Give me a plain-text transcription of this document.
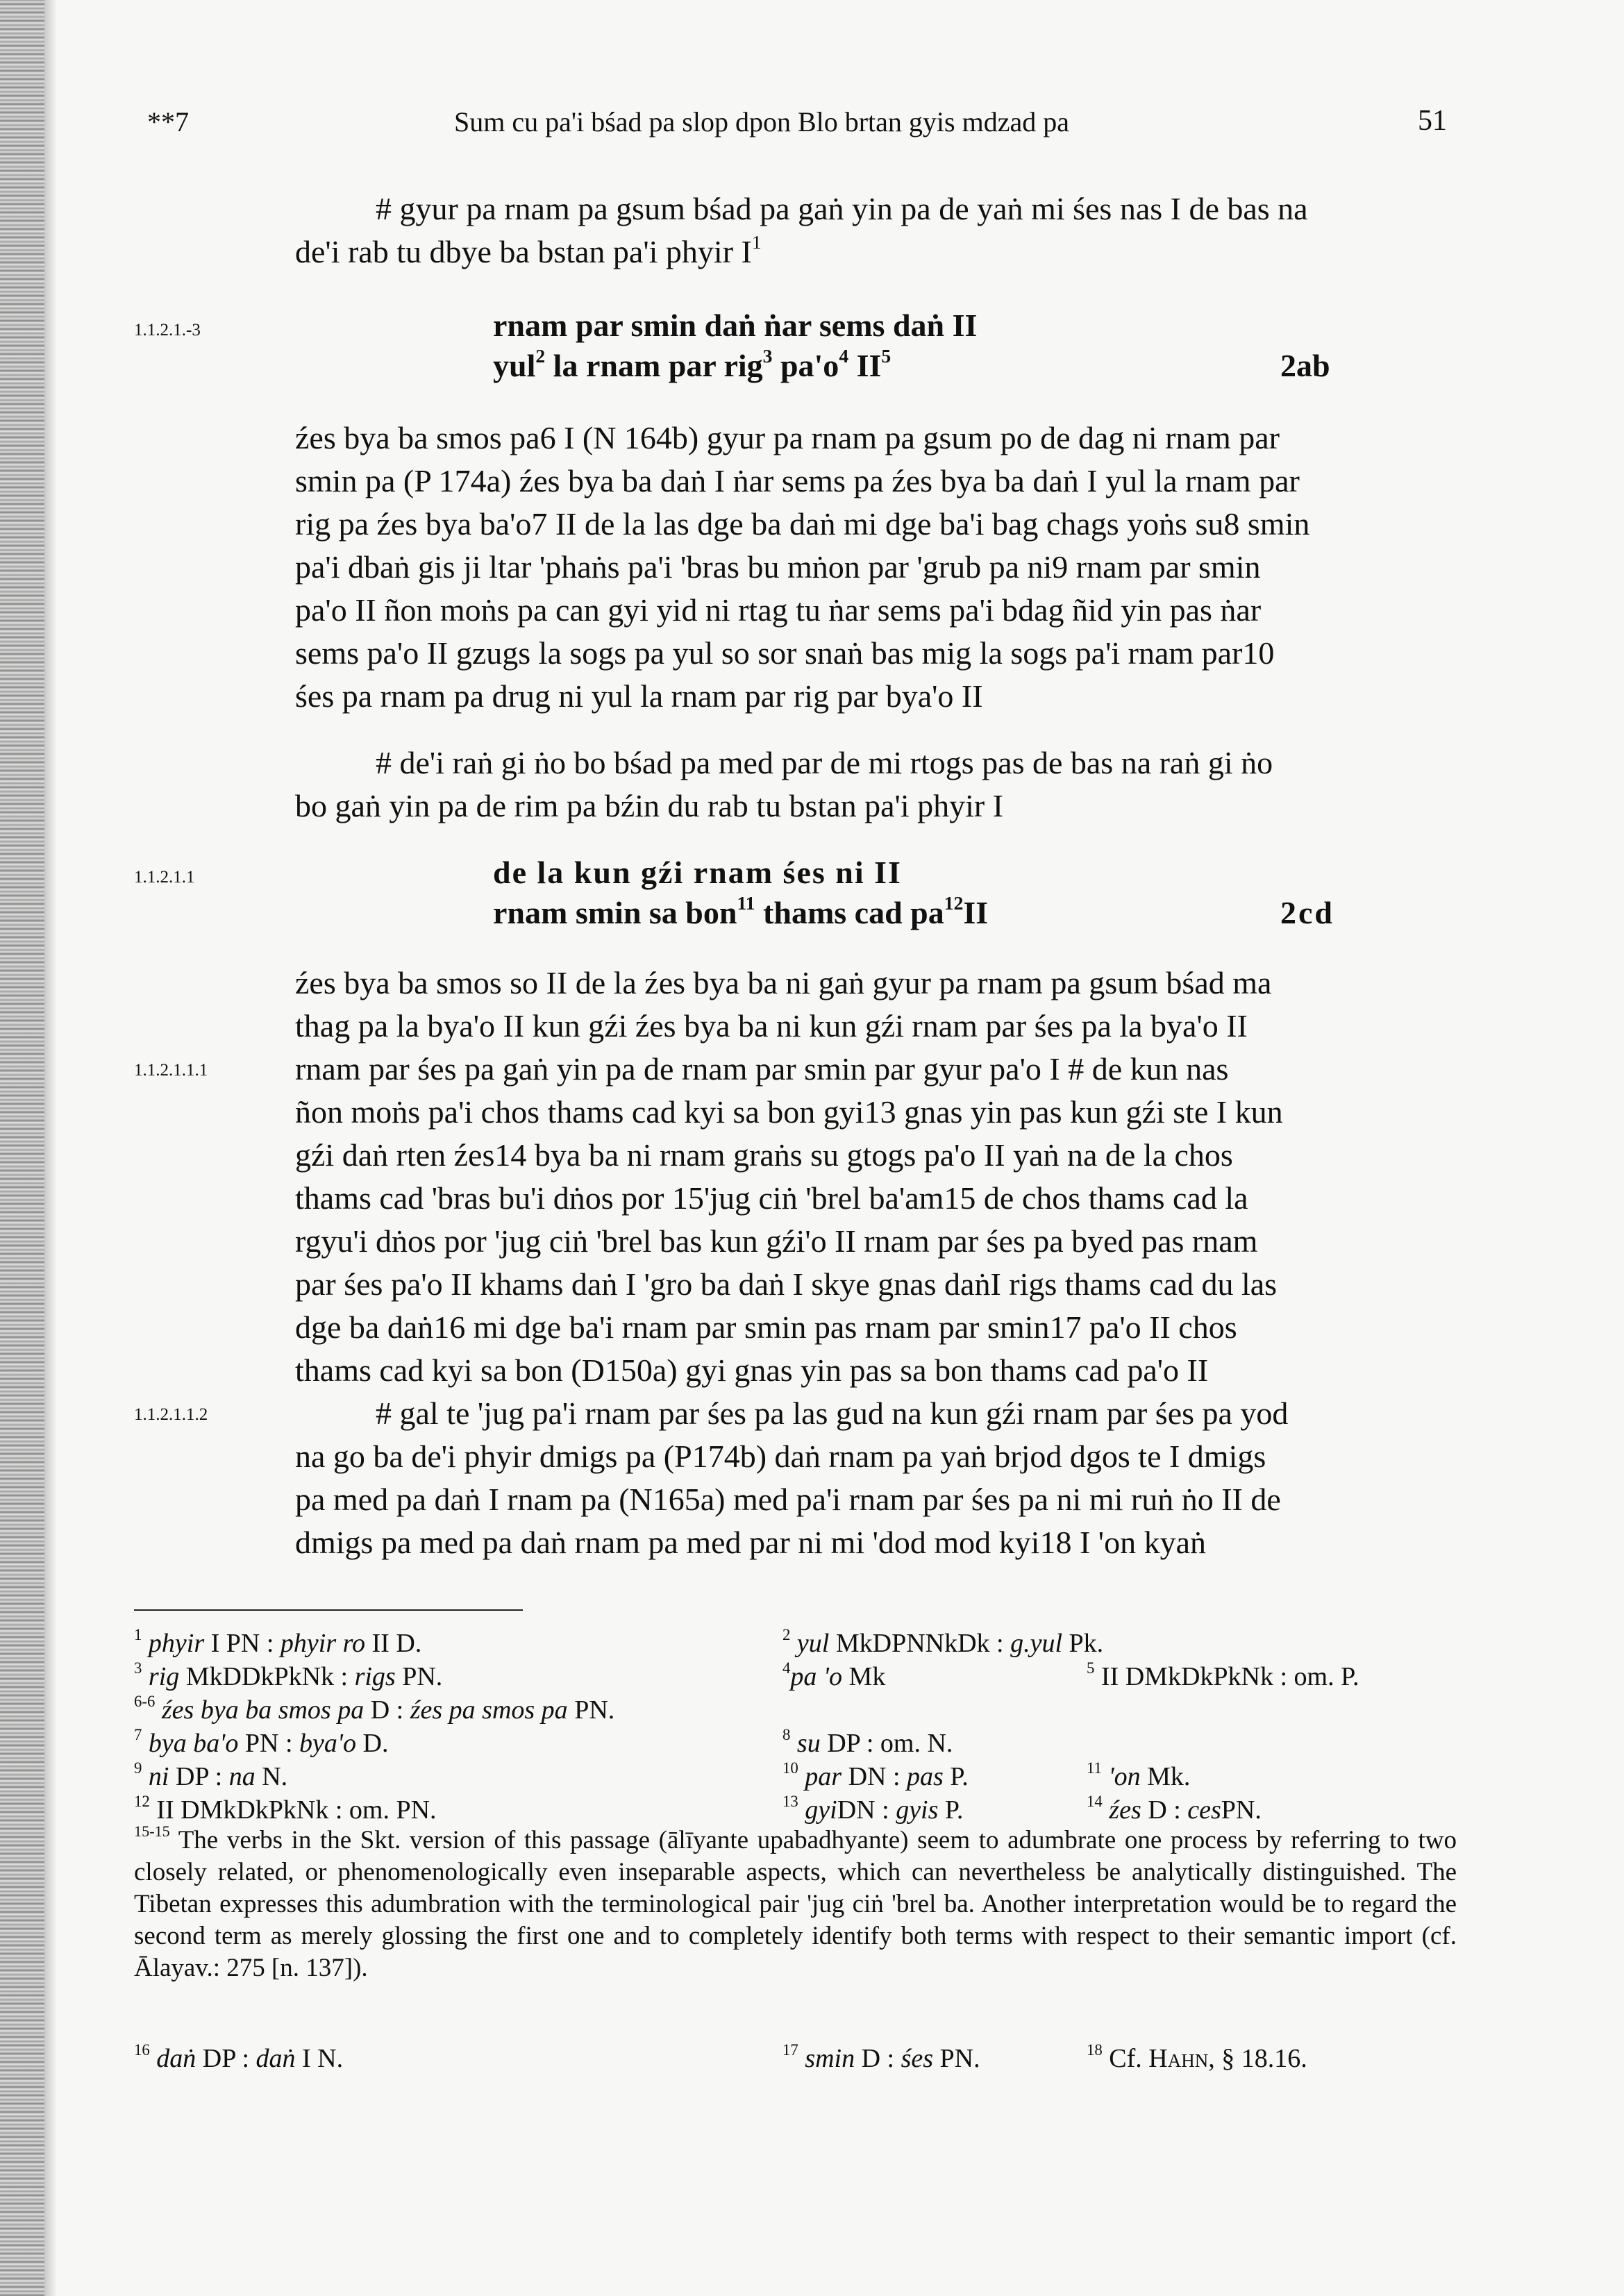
**7	Sum cu pa'i bśad pa slop dpon Blo brtan gyis mdzad pa	51
# gyur pa rnam pa gsum bśad pa gaṅ yin pa de yaṅ mi śes nas I de bas na
de'i rab tu dbye ba bstan pa'i phyir $I^1$
1.1.2.1.-3	rnam par smin daṅ ṅar sems daṅ II
yul$^2$ la rnam par rig$^3$ $pa'o^4$ $II^5$	2ab
źes bya ba smos pa6 I (N 164b) gyur pa rnam pa gsum po de dag ni rnam par
smin pa (P 174a) źes bya ba daṅ I ṅar sems pa źes bya ba daṅ I yul la rnam par
rig pa źes bya ba'o7 II de la las dge ba daṅ mi dge ba'i bag chags yoṅs su8 smin
pa'i dbaṅ gis ji ltar 'phaṅs pa'i 'bras bu mṅon par 'grub pa ni9 rnam par smin
pa'o II ñon moṅs pa can gyi yid ni rtag tu ṅar sems pa'i bdag ñid yin pas ṅar
sems pa'o II gzugs la sogs pa yul so sor snaṅ bas mig la sogs pa'i rnam par10
śes pa rnam pa drug ni yul la rnam par rig par bya'o II
# de'i raṅ gi ṅo bo bśad pa med par de mi rtogs pas de bas na raṅ gi ṅo
bo gaṅ yin pa de rim pa bźin du rab tu bstan pa'i phyir I
1.1.2.1.1	de la kun gźi rnam śes ni II
rnam smin sa bon$^{11}$ thams cad $pa^{12}II$	2cd
źes bya ba smos so II de la źes bya ba ni gaṅ gyur pa rnam pa gsum bśad ma
thag pa la bya'o II kun gźi źes bya ba ni kun gźi rnam par śes pa la bya'o II
1.1.2.1.1.1	rnam par śes pa gaṅ yin pa de rnam par smin par gyur pa'o I # de kun nas
ñon moṅs pa'i chos thams cad kyi sa bon gyi13 gnas yin pas kun gźi ste I kun
gźi daṅ rten źes14 bya ba ni rnam graṅs su gtogs pa'o II yaṅ na de la chos
thams cad 'bras bu'i dṅos por 15'jug ciṅ 'brel ba'am15 de chos thams cad la
rgyu'i dṅos por 'jug ciṅ 'brel bas kun gźi'o II rnam par śes pa byed pas rnam
par śes pa'o II khams daṅ I 'gro ba daṅ I skye gnas daṅI rigs thams cad du las
dge ba daṅ16 mi dge ba'i rnam par smin pas rnam par smin17 pa'o II chos
thams cad kyi sa bon (D150a) gyi gnas yin pas sa bon thams cad pa'o II
1.1.2.1.1.2	# gal te 'jug pa'i rnam par śes pa las gud na kun gźi rnam par śes pa yod
na go ba de'i phyir dmigs pa (P174b) daṅ rnam pa yaṅ brjod dgos te I dmigs
pa med pa daṅ I rnam pa (N165a) med pa'i rnam par śes pa ni mi ruṅ ṅo II de
dmigs pa med pa daṅ rnam pa med par ni mi 'dod mod kyi18 I 'on kyaṅ
$^1$ phyir I PN : phyir ro II D.	$^2$ yul MkDPNNkDk : g.yul Pk.
$^3$ rig MkDDkPkNk : rigs PN.	$^4$pa 'o Mk	$^5$ II DMkDkPkNk : om. P.
$^{6-6}$ źes bya ba smos pa D : źes pa smos pa PN.
$^7$ bya ba'o PN : bya'o D.	$^8$ su DP : om. N.
$^9$ ni DP : na N.	$^{10}$ par DN : pas P.	$^{11}$ 'on Mk.
$^{12}$ II DMkDkPkNk : om. PN.	$^{13}$ gyiDN : gyis P.	$^{14}$ źes D : cesPN.
$^{15-15}$ The verbs in the Skt. version of this passage (ālīyante upabadhyante) seem to adumbrate one process by referring to two closely related, or phenomenologically even inseparable aspects, which can nevertheless be analytically distinguished. The Tibetan expresses this adumbration with the terminological pair 'jug ciṅ 'brel ba. Another interpretation would be to regard the second term as merely glossing the first one and to completely identify both terms with respect to their semantic import (cf. Ālayav.: 275 [n. 137]).
$^{16}$ daṅ DP : daṅ I N.	$^{17}$ smin D : śes PN.	$^{18}$ Cf. Hahn, § 18.16.
